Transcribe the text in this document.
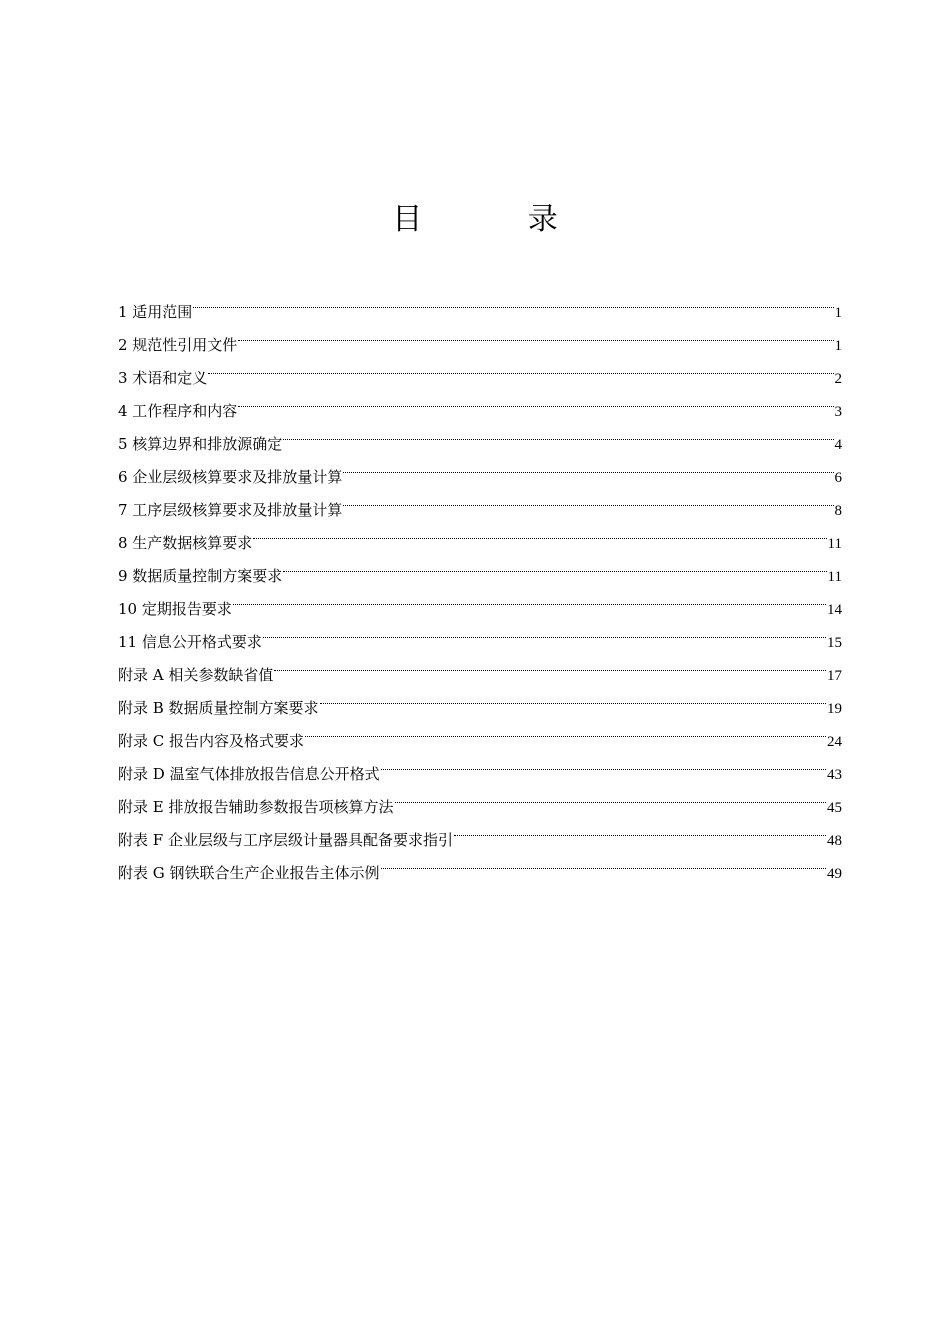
目 录
1 适用范围	1
2 规范性引用文件	1
3 术语和定义	2
4 工作程序和内容	3
5 核算边界和排放源确定	4
6 企业层级核算要求及排放量计算	6
7 工序层级核算要求及排放量计算	8
8 生产数据核算要求	11
9 数据质量控制方案要求	11
10 定期报告要求	14
11 信息公开格式要求	15
附录 A 相关参数缺省值	17
附录 B 数据质量控制方案要求	19
附录 C 报告内容及格式要求	24
附录 D 温室气体排放报告信息公开格式	43
附录 E 排放报告辅助参数报告项核算方法	45
附表 F 企业层级与工序层级计量器具配备要求指引	48
附表 G 钢铁联合生产企业报告主体示例	49
